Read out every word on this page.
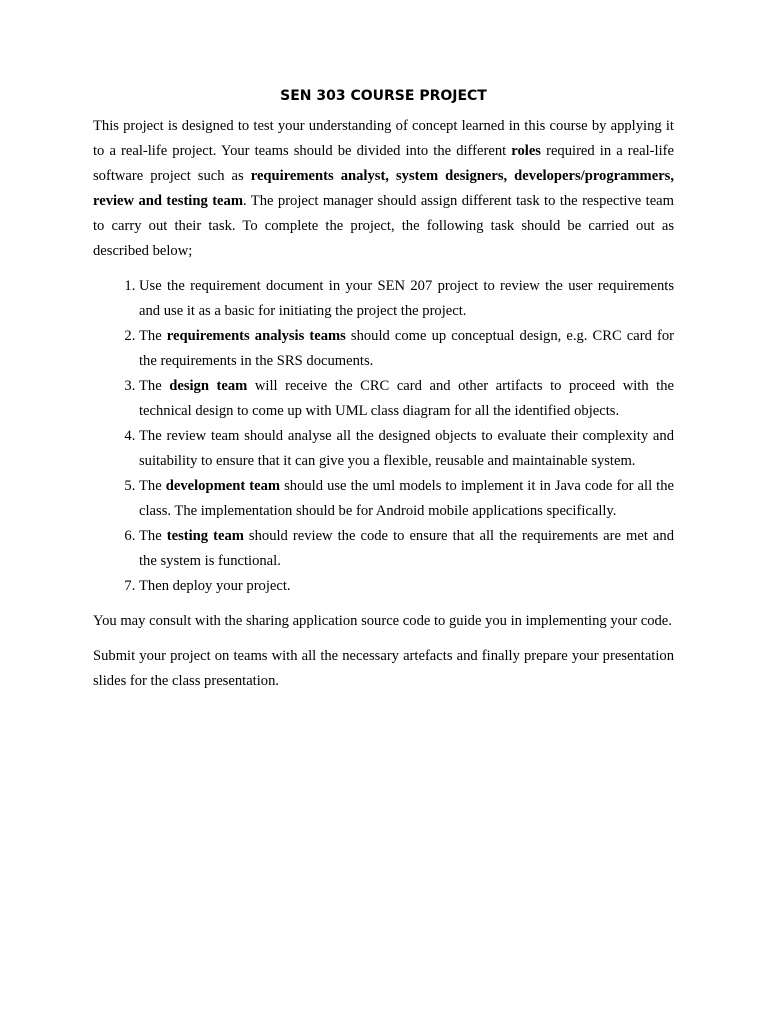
SEN 303 COURSE PROJECT

This project is designed to test your understanding of concept learned in this course by applying it to a real-life project. Your teams should be divided into the different roles required in a real-life software project such as requirements analyst, system designers, developers/programmers, review and testing team. The project manager should assign different task to the respective team to carry out their task. To complete the project, the following task should be carried out as described below;

1. Use the requirement document in your SEN 207 project to review the user requirements and use it as a basic for initiating the project the project.
2. The requirements analysis teams should come up conceptual design, e.g. CRC card for the requirements in the SRS documents.
3. The design team will receive the CRC card and other artifacts to proceed with the technical design to come up with UML class diagram for all the identified objects.
4. The review team should analyse all the designed objects to evaluate their complexity and suitability to ensure that it can give you a flexible, reusable and maintainable system.
5. The development team should use the uml models to implement it in Java code for all the class. The implementation should be for Android mobile applications specifically.
6. The testing team should review the code to ensure that all the requirements are met and the system is functional.
7. Then deploy your project.

You may consult with the sharing application source code to guide you in implementing your code.

Submit your project on teams with all the necessary artefacts and finally prepare your presentation slides for the class presentation.
